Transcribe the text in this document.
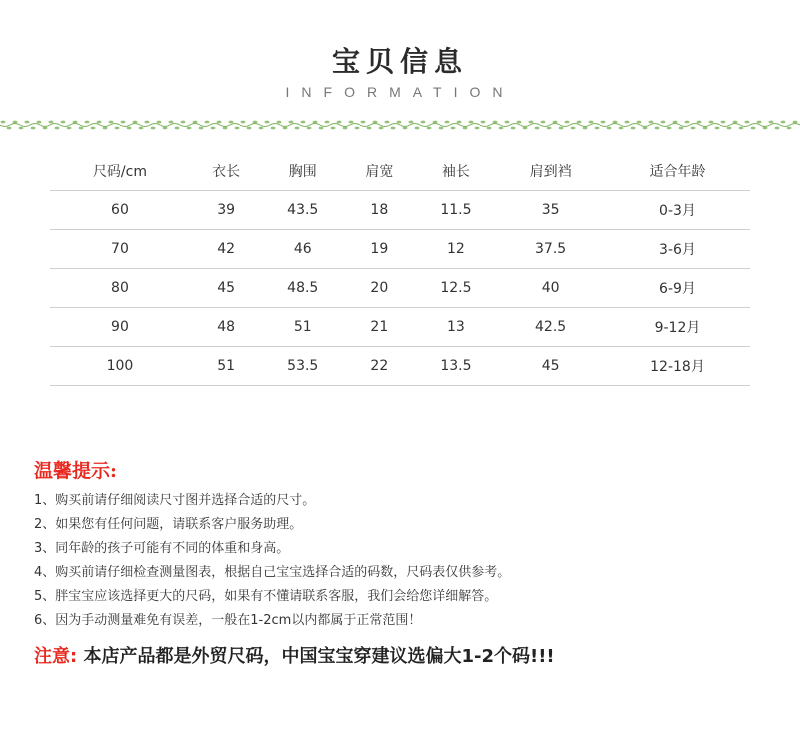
宝贝信息
INFORMATION
尺码/cm	衣长	胸围	肩宽	袖长	肩到裆	适合年龄
60	39	43.5	18	11.5	35	0-3月
70	42	46	19	12	37.5	3-6月
80	45	48.5	20	12.5	40	6-9月
90	48	51	21	13	42.5	9-12月
100	51	53.5	22	13.5	45	12-18月
温馨提示:
1、购买前请仔细阅读尺寸图并选择合适的尺寸。
2、如果您有任何问题，请联系客户服务助理。
3、同年龄的孩子可能有不同的体重和身高。
4、购买前请仔细检查测量图表，根据自己宝宝选择合适的码数，尺码表仅供参考。
5、胖宝宝应该选择更大的尺码，如果有不懂请联系客服，我们会给您详细解答。
6、因为手动测量难免有误差，一般在1-2cm以内都属于正常范围！
注意: 本店产品都是外贸尺码，中国宝宝穿建议选偏大1-2个码!!!
